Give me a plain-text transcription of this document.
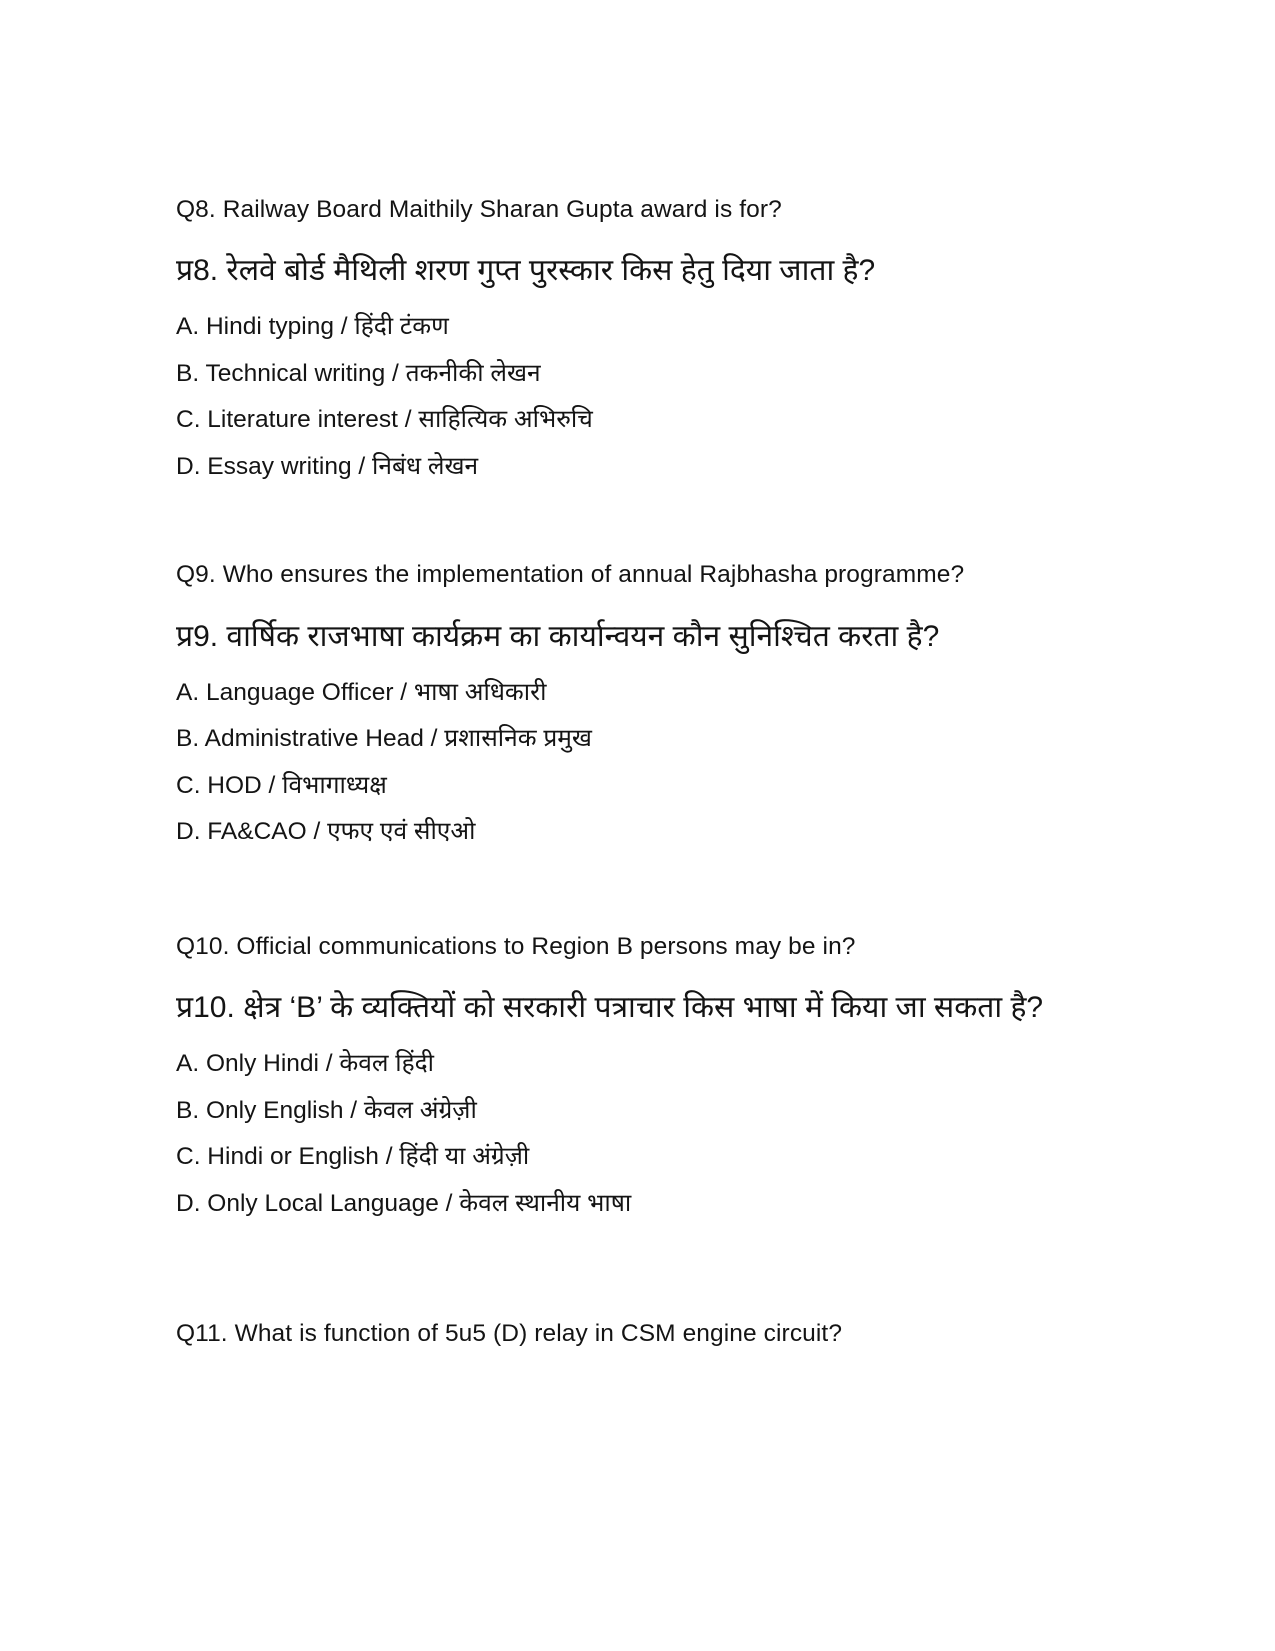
Q8. Railway Board Maithily Sharan Gupta award is for?
प्र8. रेलवे बोर्ड मैथिली शरण गुप्त पुरस्कार किस हेतु दिया जाता है?
A. Hindi typing / हिंदी टंकण
B. Technical writing / तकनीकी लेखन
C. Literature interest / साहित्यिक अभिरुचि
D. Essay writing / निबंध लेखन
Q9. Who ensures the implementation of annual Rajbhasha programme?
प्र9. वार्षिक राजभाषा कार्यक्रम का कार्यान्वयन कौन सुनिश्चित करता है?
A. Language Officer / भाषा अधिकारी
B. Administrative Head / प्रशासनिक प्रमुख
C. HOD / विभागाध्यक्ष
D. FA&CAO / एफए एवं सीएओ
Q10. Official communications to Region B persons may be in?
प्र10. क्षेत्र ‘B’ के व्यक्तियों को सरकारी पत्राचार किस भाषा में किया जा सकता है?
A. Only Hindi / केवल हिंदी
B. Only English / केवल अंग्रेज़ी
C. Hindi or English / हिंदी या अंग्रेज़ी
D. Only Local Language / केवल स्थानीय भाषा
Q11. What is function of 5u5 (D) relay in CSM engine circuit?
